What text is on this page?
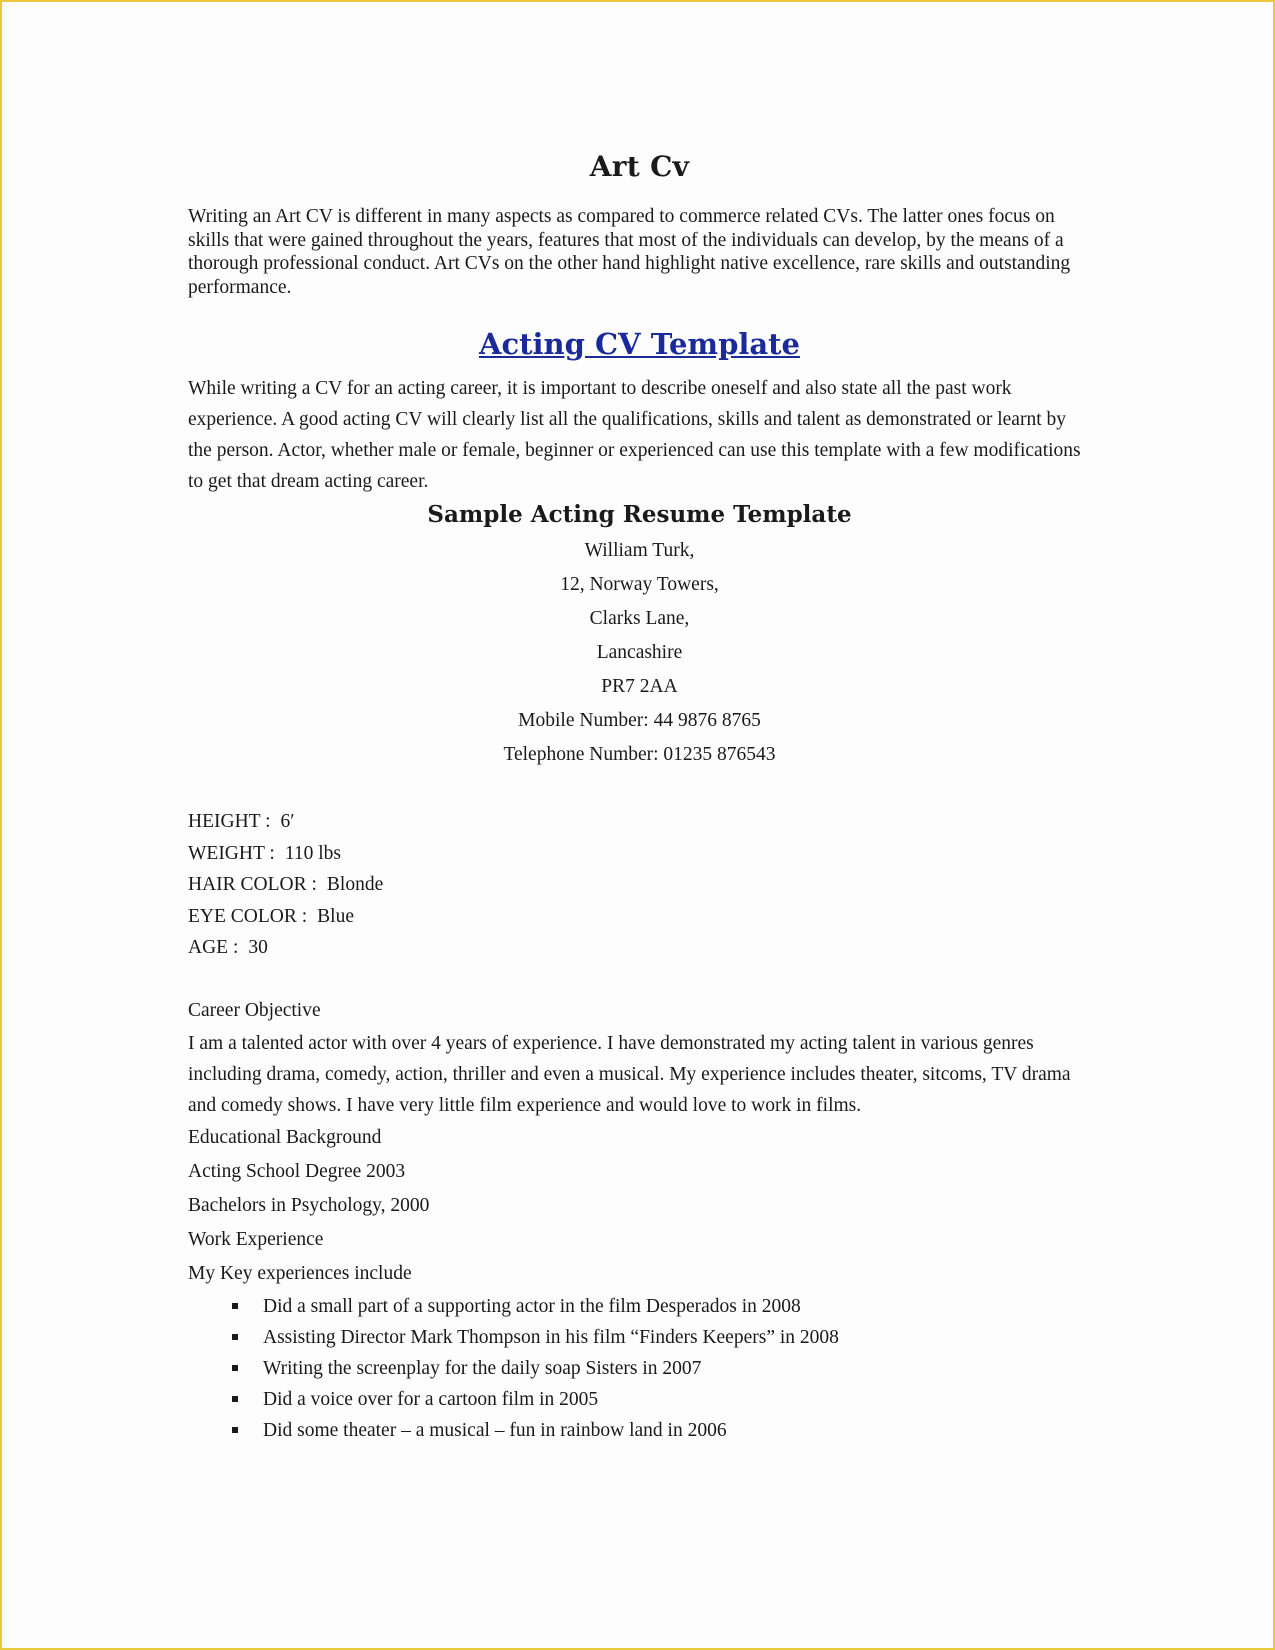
Art Cv

Writing an Art CV is different in many aspects as compared to commerce related CVs. The latter ones focus on skills that were gained throughout the years, features that most of the individuals can develop, by the means of a thorough professional conduct. Art CVs on the other hand highlight native excellence, rare skills and outstanding performance.

Acting CV Template

While writing a CV for an acting career, it is important to describe oneself and also state all the past work experience. A good acting CV will clearly list all the qualifications, skills and talent as demonstrated or learnt by the person. Actor, whether male or female, beginner or experienced can use this template with a few modifications to get that dream acting career.

Sample Acting Resume Template
William Turk,
12, Norway Towers,
Clarks Lane,
Lancashire
PR7 2AA
Mobile Number: 44 9876 8765
Telephone Number: 01235 876543
HEIGHT : 6′
WEIGHT : 110 lbs
HAIR COLOR : Blonde
EYE COLOR : Blue
AGE : 30

Career Objective

I am a talented actor with over 4 years of experience. I have demonstrated my acting talent in various genres including drama, comedy, action, thriller and even a musical. My experience includes theater, sitcoms, TV drama and comedy shows. I have very little film experience and would love to work in films.

Educational Background

Acting School Degree 2003

Bachelors in Psychology, 2000

Work Experience

My Key experiences include

Did a small part of a supporting actor in the film Desperados in 2008
Assisting Director Mark Thompson in his film “Finders Keepers” in 2008
Writing the screenplay for the daily soap Sisters in 2007
Did a voice over for a cartoon film in 2005
Did some theater – a musical – fun in rainbow land in 2006
